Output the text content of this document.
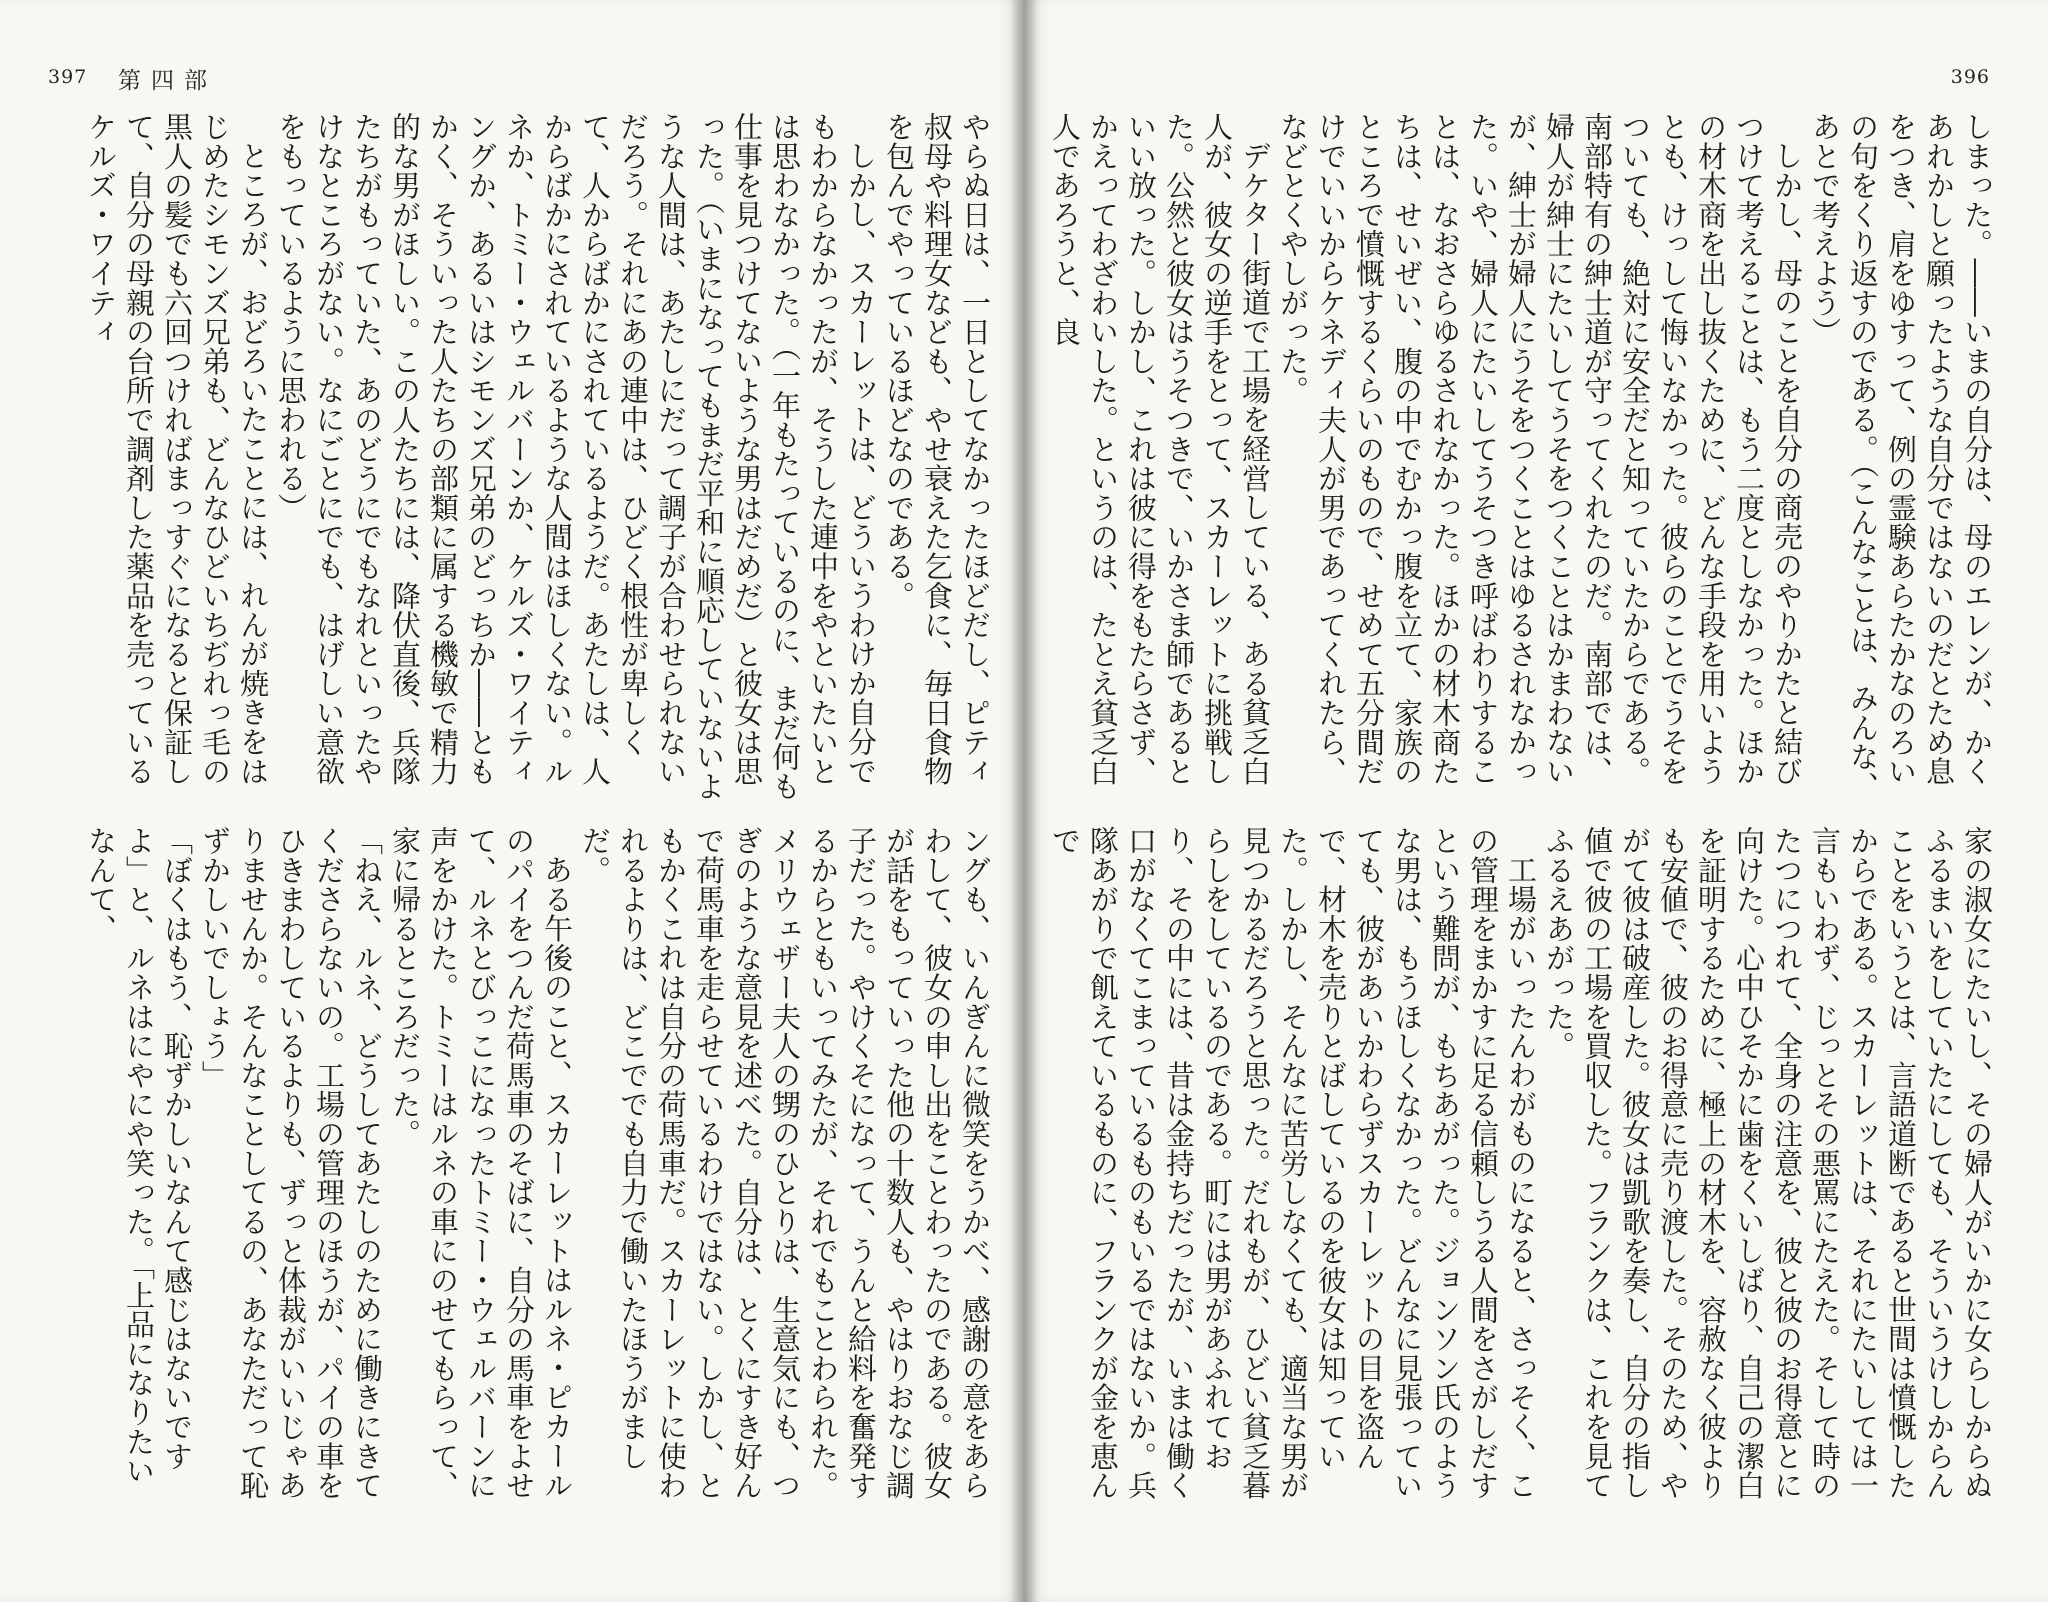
397 第四部

やらぬ日は、一日としてなかったほどだし、ピティ叔母や料理女なども、やせ衰えた乞食に、毎日食物を包んでやっているほどなのである。

しかし、スカーレットは、どういうわけか自分でもわからなかったが、そうした連中をやといたいとは思わなかった。（一年もたっているのに、まだ何も仕事を見つけてないような男はだめだ）と彼女は思った。（いまになってもまだ平和に順応していないような人間は、あたしにだって調子が合わせられないだろう。それにあの連中は、ひどく根性が卑しくて、人からばかにされているようだ。あたしは、人からばかにされているような人間はほしくない。ルネか、トミー・ウェルバーンか、ケルズ・ワイティングか、あるいはシモンズ兄弟のどっちか――ともかく、そういった人たちの部類に属する機敏で精力的な男がほしい。この人たちには、降伏直後、兵隊たちがもっていた、あのどうにでもなれといったやけなところがない。なにごとにでも、はげしい意欲をもっているように思われる）

ところが、おどろいたことには、れんが焼きをはじめたシモンズ兄弟も、どんなひどいちぢれっ毛の黒人の髪でも六回つければまっすぐになると保証して、自分の母親の台所で調剤した薬品を売っているケルズ・ワイティ

ングも、いんぎんに微笑をうかべ、感謝の意をあらわして、彼女の申し出をことわったのである。彼女が話をもっていった他の十数人も、やはりおなじ調子だった。やけくそになって、うんと給料を奮発するからともいってみたが、それでもことわられた。メリウェザー夫人の甥のひとりは、生意気にも、つぎのような意見を述べた。自分は、とくにすき好んで荷馬車を走らせているわけではない。しかし、ともかくこれは自分の荷馬車だ。スカーレットに使われるよりは、どこででも自力で働いたほうがましだ。

ある午後のこと、スカーレットはルネ・ピカールのパイをつんだ荷馬車のそばに、自分の馬車をよせて、ルネとびっこになったトミー・ウェルバーンに声をかけた。トミーはルネの車にのせてもらって、家に帰るところだった。

「ねえ、ルネ、どうしてあたしのために働きにきてくださらないの。工場の管理のほうが、パイの車をひきまわしているよりも、ずっと体裁がいいじゃありませんか。そんなことしてるの、あなただって恥ずかしいでしょう」

「ぼくはもう、恥ずかしいなんて感じはないですよ」と、ルネはにやにや笑った。「上品になりたいなんて、

396

しまった。――いまの自分は、母のエレンが、かくあれかしと願ったような自分ではないのだとため息をつき、肩をゆすって、例の霊験あらたかなのろいの句をくり返すのである。（こんなことは、みんな、あとで考えよう）

しかし、母のことを自分の商売のやりかたと結びつけて考えることは、もう二度としなかった。ほかの材木商を出し抜くために、どんな手段を用いようとも、けっして悔いなかった。彼らのことでうそをついても、絶対に安全だと知っていたからである。南部特有の紳士道が守ってくれたのだ。南部では、婦人が紳士にたいしてうそをつくことはかまわないが、紳士が婦人にうそをつくことはゆるされなかった。いや、婦人にたいしてうそつき呼ばわりすることは、なおさらゆるされなかった。ほかの材木商たちは、せいぜい、腹の中でむかっ腹を立て、家族のところで憤慨するくらいのもので、せめて五分間だけでいいからケネディ夫人が男であってくれたら、などとくやしがった。

デケター街道で工場を経営している、ある貧乏白人が、彼女の逆手をとって、スカーレットに挑戦した。公然と彼女はうそつきで、いかさま師であるといい放った。しかし、これは彼に得をもたらさず、かえってわざわいした。というのは、たとえ貧乏白人であろうと、良

家の淑女にたいし、その婦人がいかに女らしからぬふるまいをしていたにしても、そういうけしからんことをいうとは、言語道断であると世間は憤慨したからである。スカーレットは、それにたいしては一言もいわず、じっとその悪罵にたえた。そして時のたつにつれて、全身の注意を、彼と彼のお得意とに向けた。心中ひそかに歯をくいしばり、自己の潔白を証明するために、極上の材木を、容赦なく彼よりも安値で、彼のお得意に売り渡した。そのため、やがて彼は破産した。彼女は凱歌を奏し、自分の指し値で彼の工場を買収した。フランクは、これを見てふるえあがった。

工場がいったんわがものになると、さっそく、この管理をまかすに足る信頼しうる人間をさがしだすという難問が、もちあがった。ジョンソン氏のような男は、もうほしくなかった。どんなに見張っていても、彼があいかわらずスカーレットの目を盗んで、材木を売りとばしているのを彼女は知っていた。しかし、そんなに苦労しなくても、適当な男が見つかるだろうと思った。だれもが、ひどい貧乏暮らしをしているのである。町には男があふれており、その中には、昔は金持ちだったが、いまは働く口がなくてこまっているものもいるではないか。兵隊あがりで飢えているものに、フランクが金を恵んで
